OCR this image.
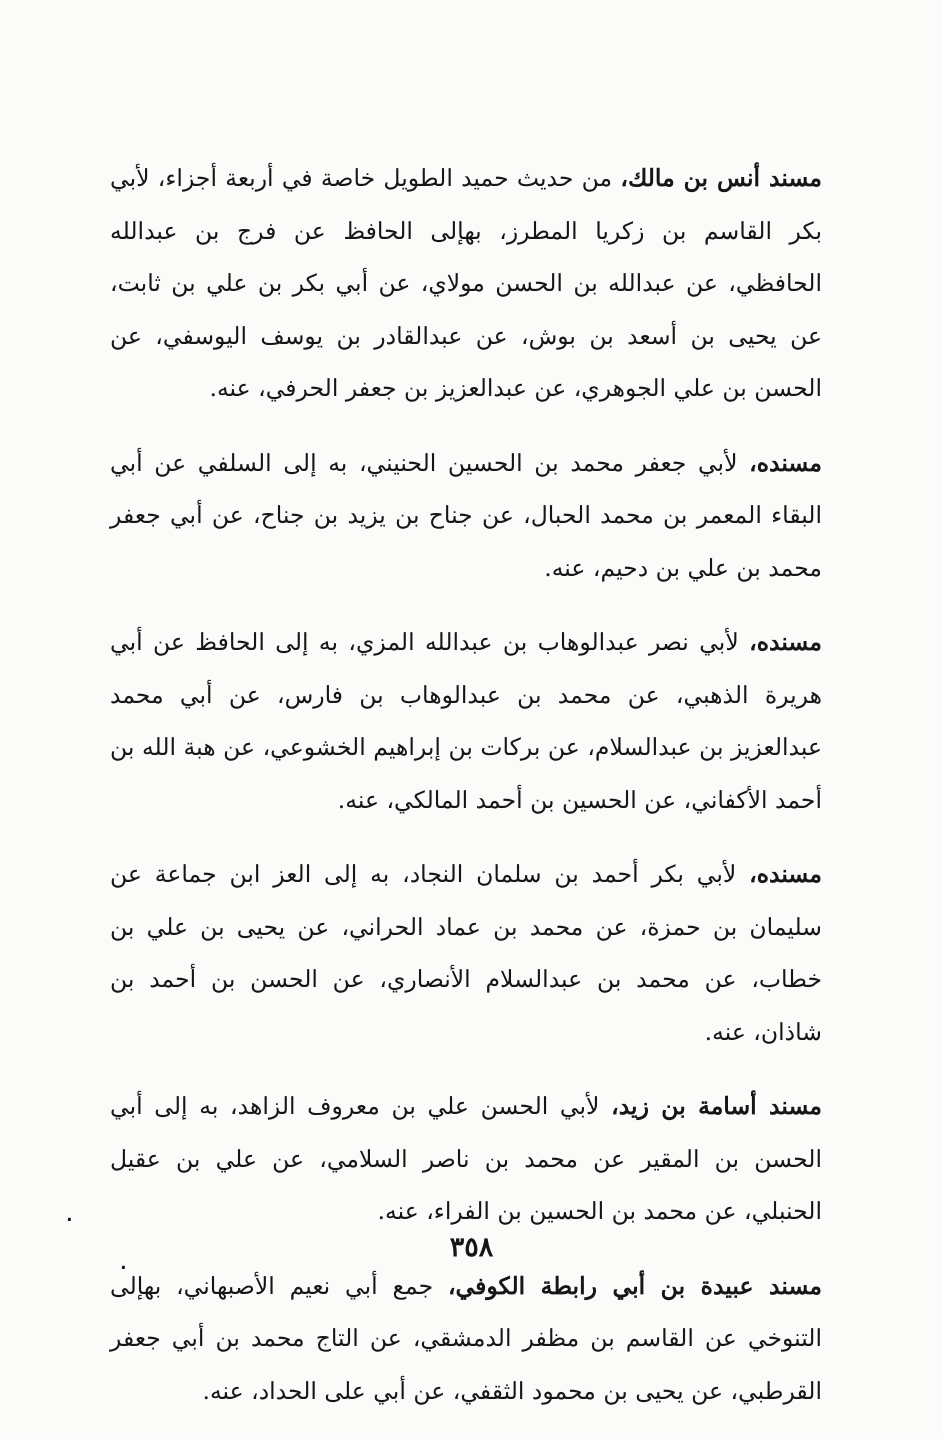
مسند أنس بن مالك، من حديث حميد الطويل خاصة في أربعة أجزاء، لأبي بكر القاسم بن زكريا المطرز، بهإلى الحافظ عن فرج بن عبدالله الحافظي، عن عبدالله بن الحسن مولاي، عن أبي بكر بن علي بن ثابت، عن يحيى بن أسعد بن بوش، عن عبدالقادر بن يوسف اليوسفي، عن الحسن بن علي الجوهري، عن عبدالعزيز بن جعفر الحرفي، عنه.

مسنده، لأبي جعفر محمد بن الحسين الحنيني، به إلى السلفي عن أبي البقاء المعمر بن محمد الحبال، عن جناح بن يزيد بن جناح، عن أبي جعفر محمد بن علي بن دحيم، عنه.

مسنده، لأبي نصر عبدالوهاب بن عبدالله المزي، به إلى الحافظ عن أبي هريرة الذهبي، عن محمد بن عبدالوهاب بن فارس، عن أبي محمد عبدالعزيز بن عبدالسلام، عن بركات بن إبراهيم الخشوعي، عن هبة الله بن أحمد الأكفاني، عن الحسين بن أحمد المالكي، عنه.

مسنده، لأبي بكر أحمد بن سلمان النجاد، به إلى العز ابن جماعة عن سليمان بن حمزة، عن محمد بن عماد الحراني، عن يحيى بن علي بن خطاب، عن محمد بن عبدالسلام الأنصاري، عن الحسن بن أحمد بن شاذان، عنه.

مسند أسامة بن زيد، لأبي الحسن علي بن معروف الزاهد، به إلى أبي الحسن بن المقير عن محمد بن ناصر السلامي، عن علي بن عقيل الحنبلي، عن محمد بن الحسين بن الفراء، عنه.

مسند عبيدة بن أبي رابطة الكوفي، جمع أبي نعيم الأصبهاني، بهإلى التنوخي عن القاسم بن مظفر الدمشقي، عن التاج محمد بن أبي جعفر القرطبي، عن يحيى بن محمود الثقفي، عن أبي على الحداد، عنه.

٣٥٨
٠
٠
